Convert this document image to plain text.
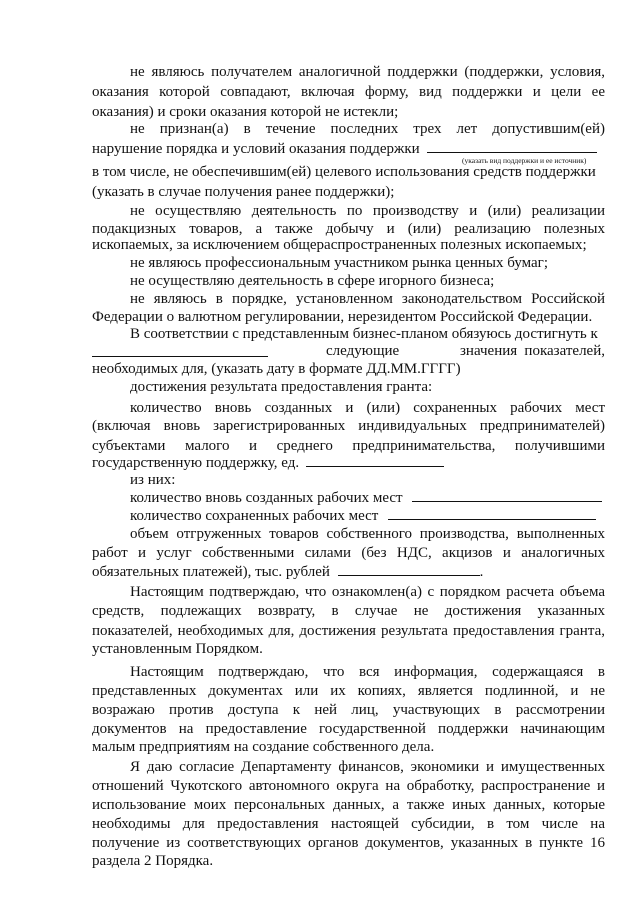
не являюсь получателем аналогичной поддержки (поддержки, условия,
оказания которой совпадают, включая форму, вид поддержки и цели ее
оказания) и сроки оказания которой не истекли;
не признан(а) в течение последних трех лет допустившим(ей)
нарушение порядка и условий оказания поддержки
(указать вид поддержки и ее источник)
в том числе, не обеспечившим(ей) целевого использования средств поддержки
(указать в случае получения ранее поддержки);
не осуществляю деятельность по производству и (или) реализации
подакцизных товаров, а также добычу и (или) реализацию полезных
ископаемых, за исключением общераспространенных полезных ископаемых;
не являюсь профессиональным участником рынка ценных бумаг;
не осуществляю деятельность в сфере игорного бизнеса;
не являюсь в порядке, установленном законодательством Российской
Федерации о валютном регулировании, нерезидентом Российской Федерации.
В соответствии с представленным бизнес-планом обязуюсь достигнуть к
следующие	значения показателей,
необходимых для, (указать дату в формате ДД.ММ.ГГГГ)
достижения результата предоставления гранта:
количество вновь созданных и (или) сохраненных рабочих мест
(включая вновь зарегистрированных индивидуальных предпринимателей)
субъектами малого и среднего предпринимательства, получившими
государственную поддержку, ед.
из них:
количество вновь созданных рабочих мест
количество сохраненных рабочих мест
объем отгруженных товаров собственного производства, выполненных
работ и услуг собственными силами (без НДС, акцизов и аналогичных
обязательных платежей), тыс. рублей	.
Настоящим подтверждаю, что ознакомлен(а) с порядком расчета объема
средств, подлежащих возврату, в случае не достижения указанных
показателей, необходимых для, достижения результата предоставления гранта,
установленным Порядком.
Настоящим подтверждаю, что вся информация, содержащаяся в
представленных документах или их копиях, является подлинной, и не
возражаю против доступа к ней лиц, участвующих в рассмотрении
документов на предоставление государственной поддержки начинающим
малым предприятиям на создание собственного дела.
Я даю согласие Департаменту финансов, экономики и имущественных
отношений Чукотского автономного округа на обработку, распространение и
использование моих персональных данных, а также иных данных, которые
необходимы для предоставления настоящей субсидии, в том числе на
получение из соответствующих органов документов, указанных в пункте 16
раздела 2 Порядка.
